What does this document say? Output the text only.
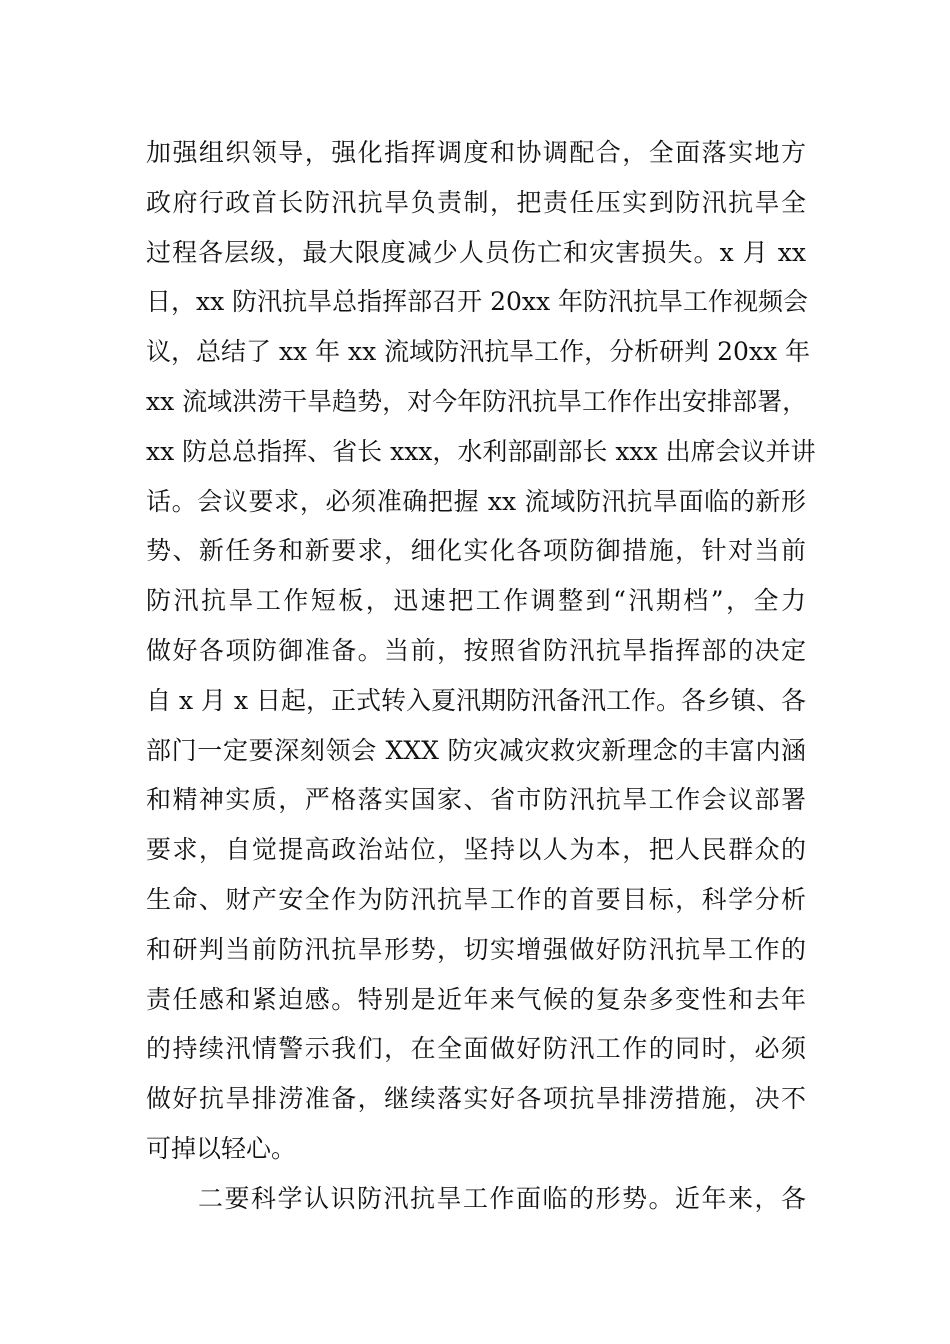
加强组织领导，强化指挥调度和协调配合，全面落实地方
政府行政首长防汛抗旱负责制，把责任压实到防汛抗旱全
过程各层级，最大限度减少人员伤亡和灾害损失。x 月 xx
日，xx 防汛抗旱总指挥部召开 20xx 年防汛抗旱工作视频会
议，总结了 xx 年 xx 流域防汛抗旱工作，分析研判 20xx 年
xx 流域洪涝干旱趋势，对今年防汛抗旱工作作出安排部署，
xx 防总总指挥、省长 xxx，水利部副部长 xxx 出席会议并讲
话。会议要求，必须准确把握 xx 流域防汛抗旱面临的新形
势、新任务和新要求，细化实化各项防御措施，针对当前
防汛抗旱工作短板，迅速把工作调整到“汛期档”，全力
做好各项防御准备。当前，按照省防汛抗旱指挥部的决定
自 x 月 x 日起，正式转入夏汛期防汛备汛工作。各乡镇、各
部门一定要深刻领会 XXX 防灾减灾救灾新理念的丰富内涵
和精神实质，严格落实国家、省市防汛抗旱工作会议部署
要求，自觉提高政治站位，坚持以人为本，把人民群众的
生命、财产安全作为防汛抗旱工作的首要目标，科学分析
和研判当前防汛抗旱形势，切实增强做好防汛抗旱工作的
责任感和紧迫感。特别是近年来气候的复杂多变性和去年
的持续汛情警示我们，在全面做好防汛工作的同时，必须
做好抗旱排涝准备，继续落实好各项抗旱排涝措施，决不
可掉以轻心。
二要科学认识防汛抗旱工作面临的形势。近年来，各
